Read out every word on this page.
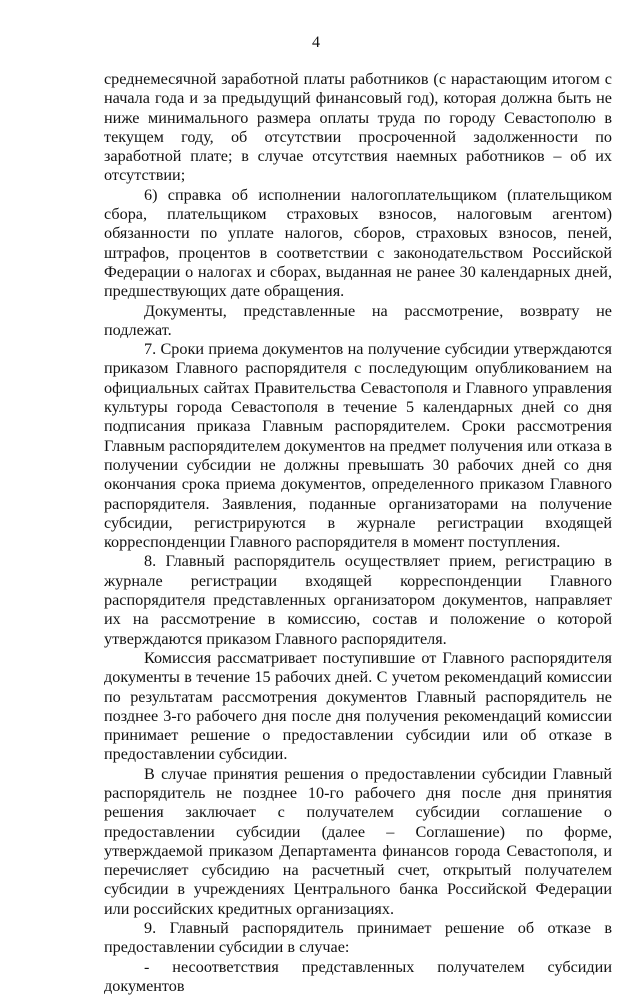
4

среднемесячной заработной платы работников (с нарастающим итогом с начала года и за предыдущий финансовый год), которая должна быть не ниже минимального размера оплаты труда по городу Севастополю в текущем году, об отсутствии просроченной задолженности по заработной плате; в случае отсутствия наемных работников – об их отсутствии;

6) справка об исполнении налогоплательщиком (плательщиком сбора, плательщиком страховых взносов, налоговым агентом) обязанности по уплате налогов, сборов, страховых взносов, пеней, штрафов, процентов в соответствии с законодательством Российской Федерации о налогах и сборах, выданная не ранее 30 календарных дней, предшествующих дате обращения.

Документы, представленные на рассмотрение, возврату не подлежат.

7. Сроки приема документов на получение субсидии утверждаются приказом Главного распорядителя с последующим опубликованием на официальных сайтах Правительства Севастополя и Главного управления культуры города Севастополя в течение 5 календарных дней со дня подписания приказа Главным распорядителем. Сроки рассмотрения Главным распорядителем документов на предмет получения или отказа в получении субсидии не должны превышать 30 рабочих дней со дня окончания срока приема документов, определенного приказом Главного распорядителя. Заявления, поданные организаторами на получение субсидии, регистрируются в журнале регистрации входящей корреспонденции Главного распорядителя в момент поступления.

8. Главный распорядитель осуществляет прием, регистрацию в журнале регистрации входящей корреспонденции Главного распорядителя представленных организатором документов, направляет их на рассмотрение в комиссию, состав и положение о которой утверждаются приказом Главного распорядителя.

Комиссия рассматривает поступившие от Главного распорядителя документы в течение 15 рабочих дней. С учетом рекомендаций комиссии по результатам рассмотрения документов Главный распорядитель не позднее 3-го рабочего дня после дня получения рекомендаций комиссии принимает решение о предоставлении субсидии или об отказе в предоставлении субсидии.

В случае принятия решения о предоставлении субсидии Главный распорядитель не позднее 10-го рабочего дня после дня принятия решения заключает с получателем субсидии соглашение о предоставлении субсидии (далее – Соглашение) по форме, утверждаемой приказом Департамента финансов города Севастополя, и перечисляет субсидию на расчетный счет, открытый получателем субсидии в учреждениях Центрального банка Российской Федерации или российских кредитных организациях.

9. Главный распорядитель принимает решение об отказе в предоставлении субсидии в случае:

- несоответствия представленных получателем субсидии документов
